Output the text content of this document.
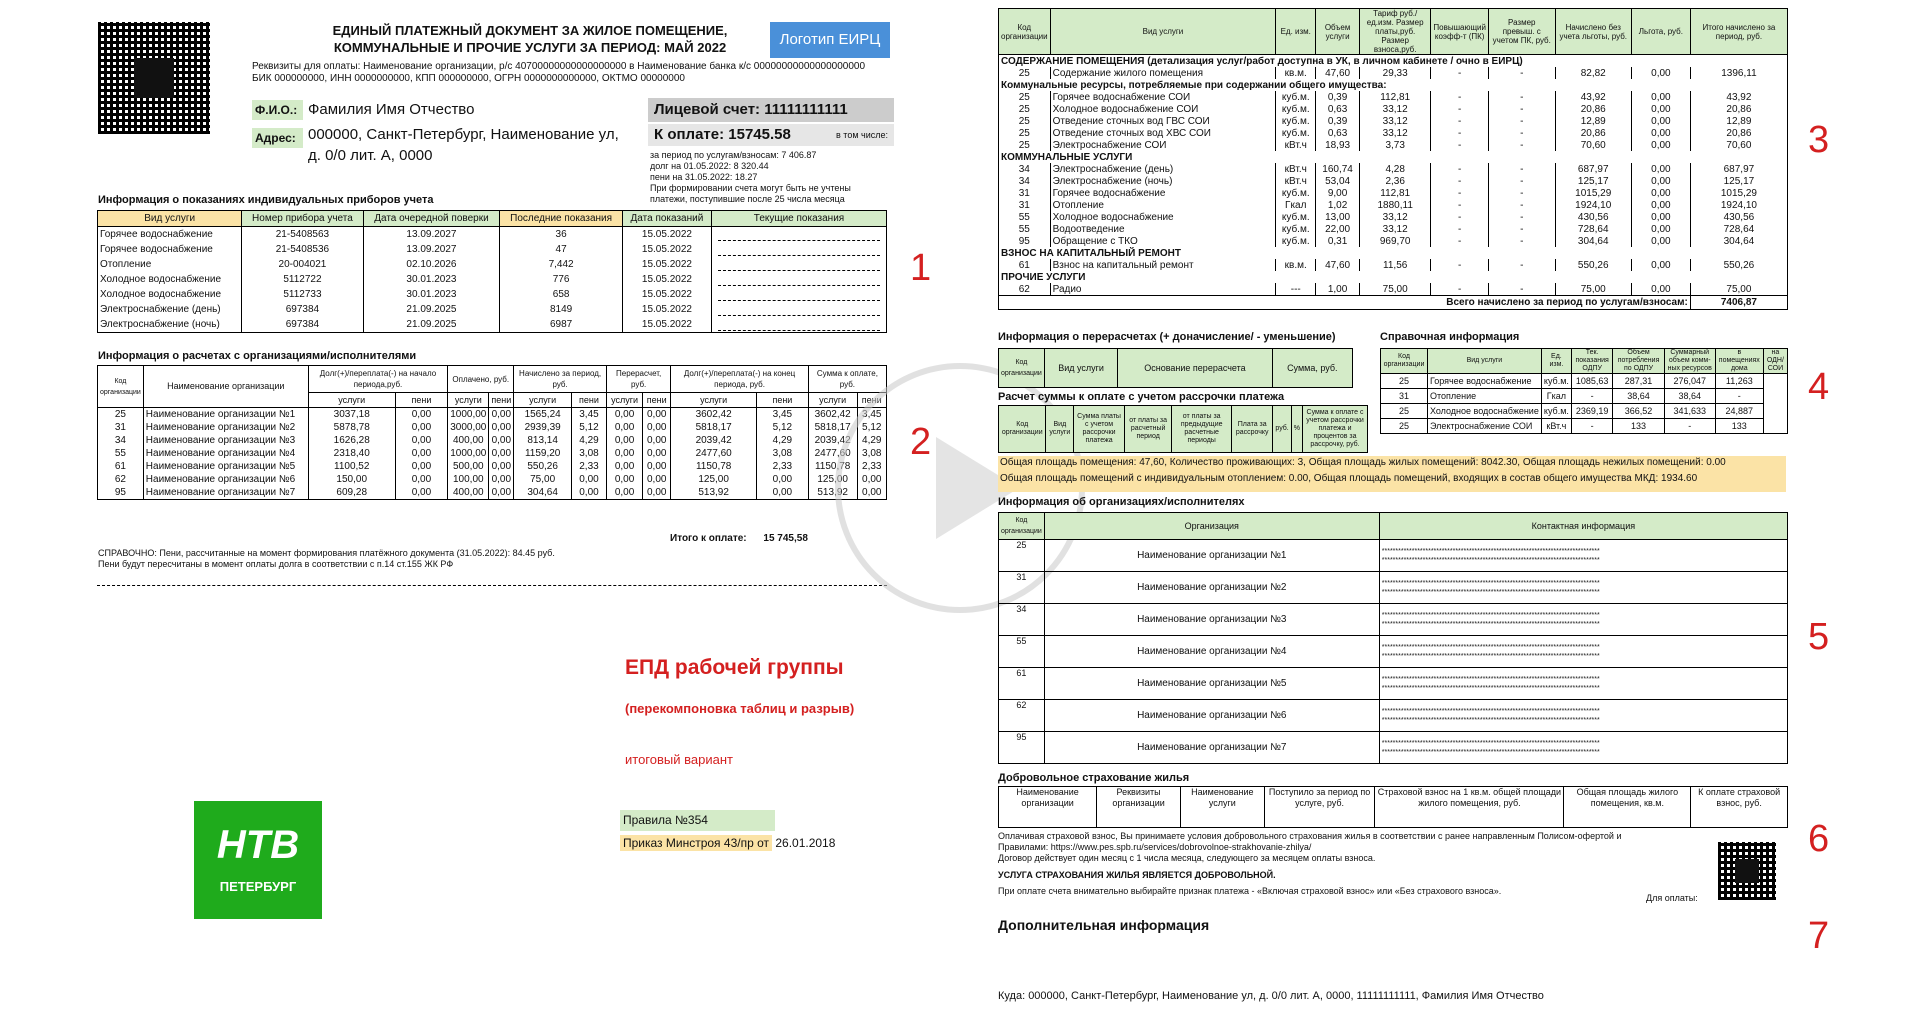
ЕДИНЫЙ ПЛАТЕЖНЫЙ ДОКУМЕНТ ЗА ЖИЛОЕ ПОМЕЩЕНИЕ,
КОММУНАЛЬНЫЕ И ПРОЧИЕ УСЛУГИ ЗА ПЕРИОД: МАЙ 2022	Логотип ЕИРЦ
Реквизиты для оплаты: Наименование организации, р/с 40700000000000000000 в Наименование банка к/с 00000000000000000000
БИК 000000000, ИНН 0000000000, КПП 000000000, ОГРН 0000000000000, ОКТМО 00000000
Ф.И.О.: Фамилия Имя Отчество
Адрес: 000000, Санкт-Петербург, Наименование ул,
д. 0/0 лит. А, 0000
Лицевой счет: 11111111111
К оплате: 15745.58	в том числе:
за период по услугам/взносам: 7 406.87
долг на 01.05.2022: 8 320.44
пени на 31.05.2022: 18.27
При формировании счета могут быть не учтены
платежи, поступившие после 25 числа месяца
Информация о показаниях индивидуальных приборов учета
Вид услуги	Номер прибора учета	Дата очередной поверки	Последние показания	Дата показаний	Текущие показания
Горячее водоснабжение	21-5408563	13.09.2027	36	15.05.2022	

Горячее водоснабжение	21-5408536	13.09.2027	47	15.05.2022	

Отопление	20-004021	02.10.2026	7,442	15.05.2022	

Холодное водоснабжение	5112722	30.01.2023	776	15.05.2022	

Холодное водоснабжение	5112733	30.01.2023	658	15.05.2022	

Электроснабжение (день)	697384	21.09.2025	8149	15.05.2022	

Электроснабжение (ночь)	697384	21.09.2025	6987	15.05.2022	
Информация о расчетах с организациями/исполнителями
Код организации	Наименование организации	Долг(+)/переплата(-) на начало периода,руб.		Оплачено, руб.		Начислено за период, руб.		Перерасчет, руб.		Долг(+)/переплата(-) на конец периода, руб.		Сумма к оплате, руб.	
		услуги	пени	услуги	пени	услуги	пени	услуги	пени	услуги	пени	услуги	пени
25	Наименование организации №1	3037,18	0,00	1000,00	0,00	1565,24	3,45	0,00	0,00	3602,42	3,45	3602,42	3,45
31	Наименование организации №2	5878,78	0,00	3000,00	0,00	2939,39	5,12	0,00	0,00	5818,17	5,12	5818,17	5,12
34	Наименование организации №3	1626,28	0,00	400,00	0,00	813,14	4,29	0,00	0,00	2039,42	4,29	2039,42	4,29
55	Наименование организации №4	2318,40	0,00	1000,00	0,00	1159,20	3,08	0,00	0,00	2477,60	3,08	2477,60	3,08
61	Наименование организации №5	1100,52	0,00	500,00	0,00	550,26	2,33	0,00	0,00	1150,78	2,33	1150,78	2,33
62	Наименование организации №6	150,00	0,00	100,00	0,00	75,00	0,00	0,00	0,00	125,00	0,00	125,00	0,00
95	Наименование организации №7	609,28	0,00	400,00	0,00	304,64	0,00	0,00	0,00	513,92	0,00	513,92	0,00
Итого к оплате: 15 745,58
СПРАВОЧНО: Пени, рассчитанные на момент формирования платёжного документа (31.05.2022): 84.45 руб.
Пени будут пересчитаны в момент оплаты долга в соответствии с п.14 ст.155 ЖК РФ
ЕПД рабочей группы
(перекомпоновка таблиц и разрыв)
итоговый вариант
Правила №354
Приказ Минстроя 43/пр от 26.01.2018
НТВ
ПЕТЕРБУРГ
1
2
3
4
5
6
7
Код организации	Вид услуги	Ед. изм.	Объем услуги	Тариф руб./ед.изм. Размер платы,руб. Размер взноса,руб.	Повышающий коэфф-т (ПК)	Размер превыш. с учетом ПК, руб.	Начислено без учета льготы, руб.	Льгота, руб.	Итого начислено за период, руб.
СОДЕРЖАНИЕ ПОМЕЩЕНИЯ (детализация услуг/работ доступна в УК, в личном кабинете / очно в ЕИРЦ)									
25	Содержание жилого помещения	кв.м.	47,60	29,33	-	-	82,82	0,00	1396,11
Коммунальные ресурсы, потребляемые при содержании общего имущества:									
25	Горячее водоснабжение СОИ	куб.м.	0,39	112,81	-	-	43,92	0,00	43,92
25	Холодное водоснабжение СОИ	куб.м.	0,63	33,12	-	-	20,86	0,00	20,86
25	Отведение сточных вод ГВС СОИ	куб.м.	0,39	33,12	-	-	12,89	0,00	12,89
25	Отведение сточных вод ХВС СОИ	куб.м.	0,63	33,12	-	-	20,86	0,00	20,86
25	Электроснабжение СОИ	кВт.ч	18,93	3,73	-	-	70,60	0,00	70,60
КОММУНАЛЬНЫЕ УСЛУГИ									
34	Электроснабжение (день)	кВт.ч	160,74	4,28	-	-	687,97	0,00	687,97
34	Электроснабжение (ночь)	кВт.ч	53,04	2,36	-	-	125,17	0,00	125,17
31	Горячее водоснабжение	куб.м.	9,00	112,81	-	-	1015,29	0,00	1015,29
31	Отопление	Гкал	1,02	1880,11	-	-	1924,10	0,00	1924,10
55	Холодное водоснабжение	куб.м.	13,00	33,12	-	-	430,56	0,00	430,56
55	Водоотведение	куб.м.	22,00	33,12	-	-	728,64	0,00	728,64
95	Обращение с ТКО	куб.м.	0,31	969,70	-	-	304,64	0,00	304,64
ВЗНОС НА КАПИТАЛЬНЫЙ РЕМОНТ									
61	Взнос на капитальный ремонт	кв.м.	47,60	11,56	-	-	550,26	0,00	550,26
ПРОЧИЕ УСЛУГИ									
62	Радио	---	1,00	75,00	-	-	75,00	0,00	75,00
Всего начислено за период по услугам/взносам:									7406,87
Информация о перерасчетах (+ доначисление/ - уменьшение)
Код организации	Вид услуги	Основание перерасчета	Сумма, руб.
Расчет суммы к оплате с учетом рассрочки платежа
Код организации	Вид услуги	Сумма платы с учетом рассрочки платежа	от платы за расчетный период	от платы за предыдущие расчетные периоды	Плата за рассрочку	руб.	%	Сумма к оплате с учетом рассрочки платежа и процентов за рассрочку, руб.
Справочная информация
Код организации	Вид услуги	Ед. изм.	Тек. показания ОДПУ	Объем потребления по ОДПУ	Суммарный объем комм-ных ресурсов	в помещениях дома	на ОДН/СОИ
25	Горячее водоснабжение	куб.м.	1085,63	287,31	276,047	11,263	
31	Отопление	Гкал	-	38,64	38,64	-	
25	Холодное водоснабжение	куб.м.	2369,19	366,52	341,633	24,887	
25	Электроснабжение СОИ	кВт.ч	-	133	-	133	
Общая площадь помещения: 47,60, Количество проживающих: 3, Общая площадь жилых помещений: 8042.30, Общая площадь нежилых помещений: 0.00
Общая площадь помещений с индивидуальным отоплением: 0.00, Общая площадь помещений, входящих в состав общего имущества МКД: 1934.60
Информация об организациях/исполнителях
Код организации	Организация	Контактная информация
25	Наименование организации №1	********************************************************************************
********************************************************************************

31	Наименование организации №2	********************************************************************************
********************************************************************************

34	Наименование организации №3	********************************************************************************
********************************************************************************

55	Наименование организации №4	********************************************************************************
********************************************************************************

61	Наименование организации №5	********************************************************************************
********************************************************************************

62	Наименование организации №6	********************************************************************************
********************************************************************************

95	Наименование организации №7	********************************************************************************
********************************************************************************
Добровольное страхование жилья
Наименование организации	Реквизиты организации	Наименование услуги	Поступило за период по услуге, руб.	Страховой взнос на 1 кв.м. общей площади жилого помещения, руб.	Общая площадь жилого помещения, кв.м.	К оплате страховой взнос, руб.
Оплачивая страховой взнос, Вы принимаете условия добровольного страхования жилья в соответствии с ранее направленным Полисом-офертой и
Правилами: https://www.pes.spb.ru/services/dobrovolnoe-strakhovanie-zhilya/
Договор действует один месяц с 1 числа месяца, следующего за месяцем оплаты взноса.
УСЛУГА СТРАХОВАНИЯ ЖИЛЬЯ ЯВЛЯЕТСЯ ДОБРОВОЛЬНОЙ.
При оплате счета внимательно выбирайте признак платежа - «Включая страховой взнос» или «Без страхового взноса».
Для оплаты:
Дополнительная информация
Куда: 000000, Санкт-Петербург, Наименование ул, д. 0/0 лит. А, 0000, 11111111111, Фамилия Имя Отчество
